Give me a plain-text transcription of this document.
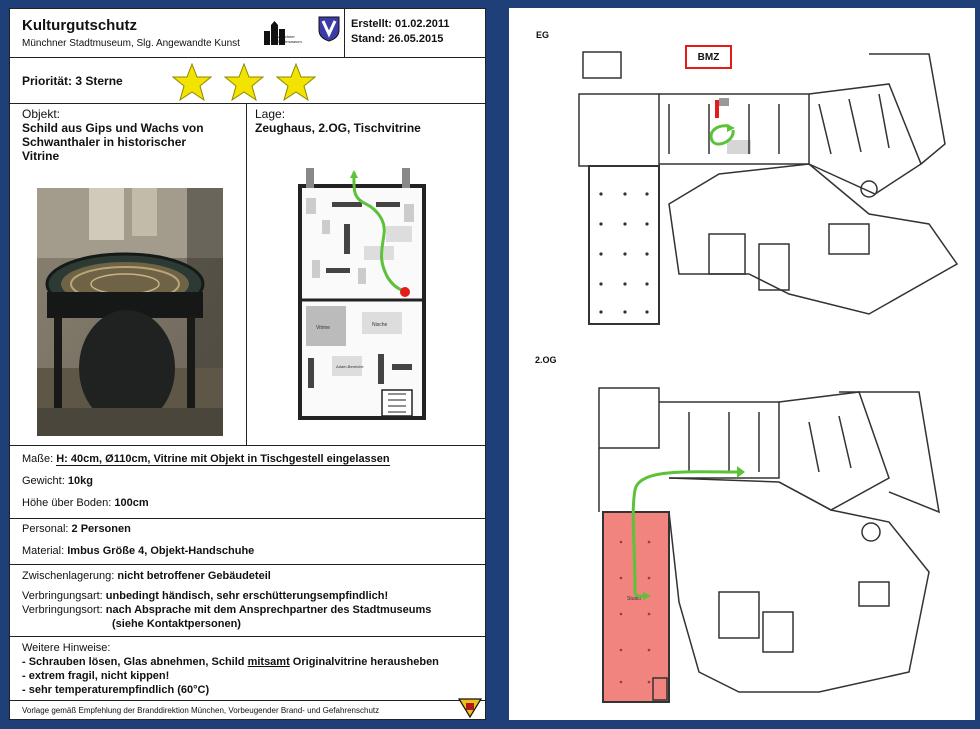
Kulturgutschutz
Münchner Stadtmuseum, Slg. Angewandte Kunst
Münchner Stadtmuseum
Erstellt: 01.02.2011
Stand: 26.05.2015
Priorität: 3 Sterne
Objekt:
Schild aus Gips und Wachs von
Schwanthaler in historischer
Vitrine
Lage:
Zeughaus, 2.OG, Tischvitrine
Vitrine	Nische
Adam-Bereiche
Maße: H: 40cm, Ø110cm, Vitrine mit Objekt in Tischgestell eingelassen
Gewicht: 10kg
Höhe über Boden: 100cm
Personal: 2 Personen
Material: Imbus Größe 4, Objekt-Handschuhe
Zwischenlagerung: nicht betroffener Gebäudeteil
Verbringungsart: unbedingt händisch, sehr erschütterungsempfindlich!
Verbringungsort: nach Absprache mit dem Ansprechpartner des Stadtmuseums
(siehe Kontaktpersonen)
Weitere Hinweise:
- Schrauben lösen, Glas abnehmen, Schild mitsamt Originalvitrine herausheben
- extrem fragil, nicht kippen!
- sehr temperaturempfindlich (60°C)
Vorlage gemäß Empfehlung der Branddirektion München, Vorbeugender Brand- und Gefahrenschutz
EG
2.OG
BMZ
Studio
